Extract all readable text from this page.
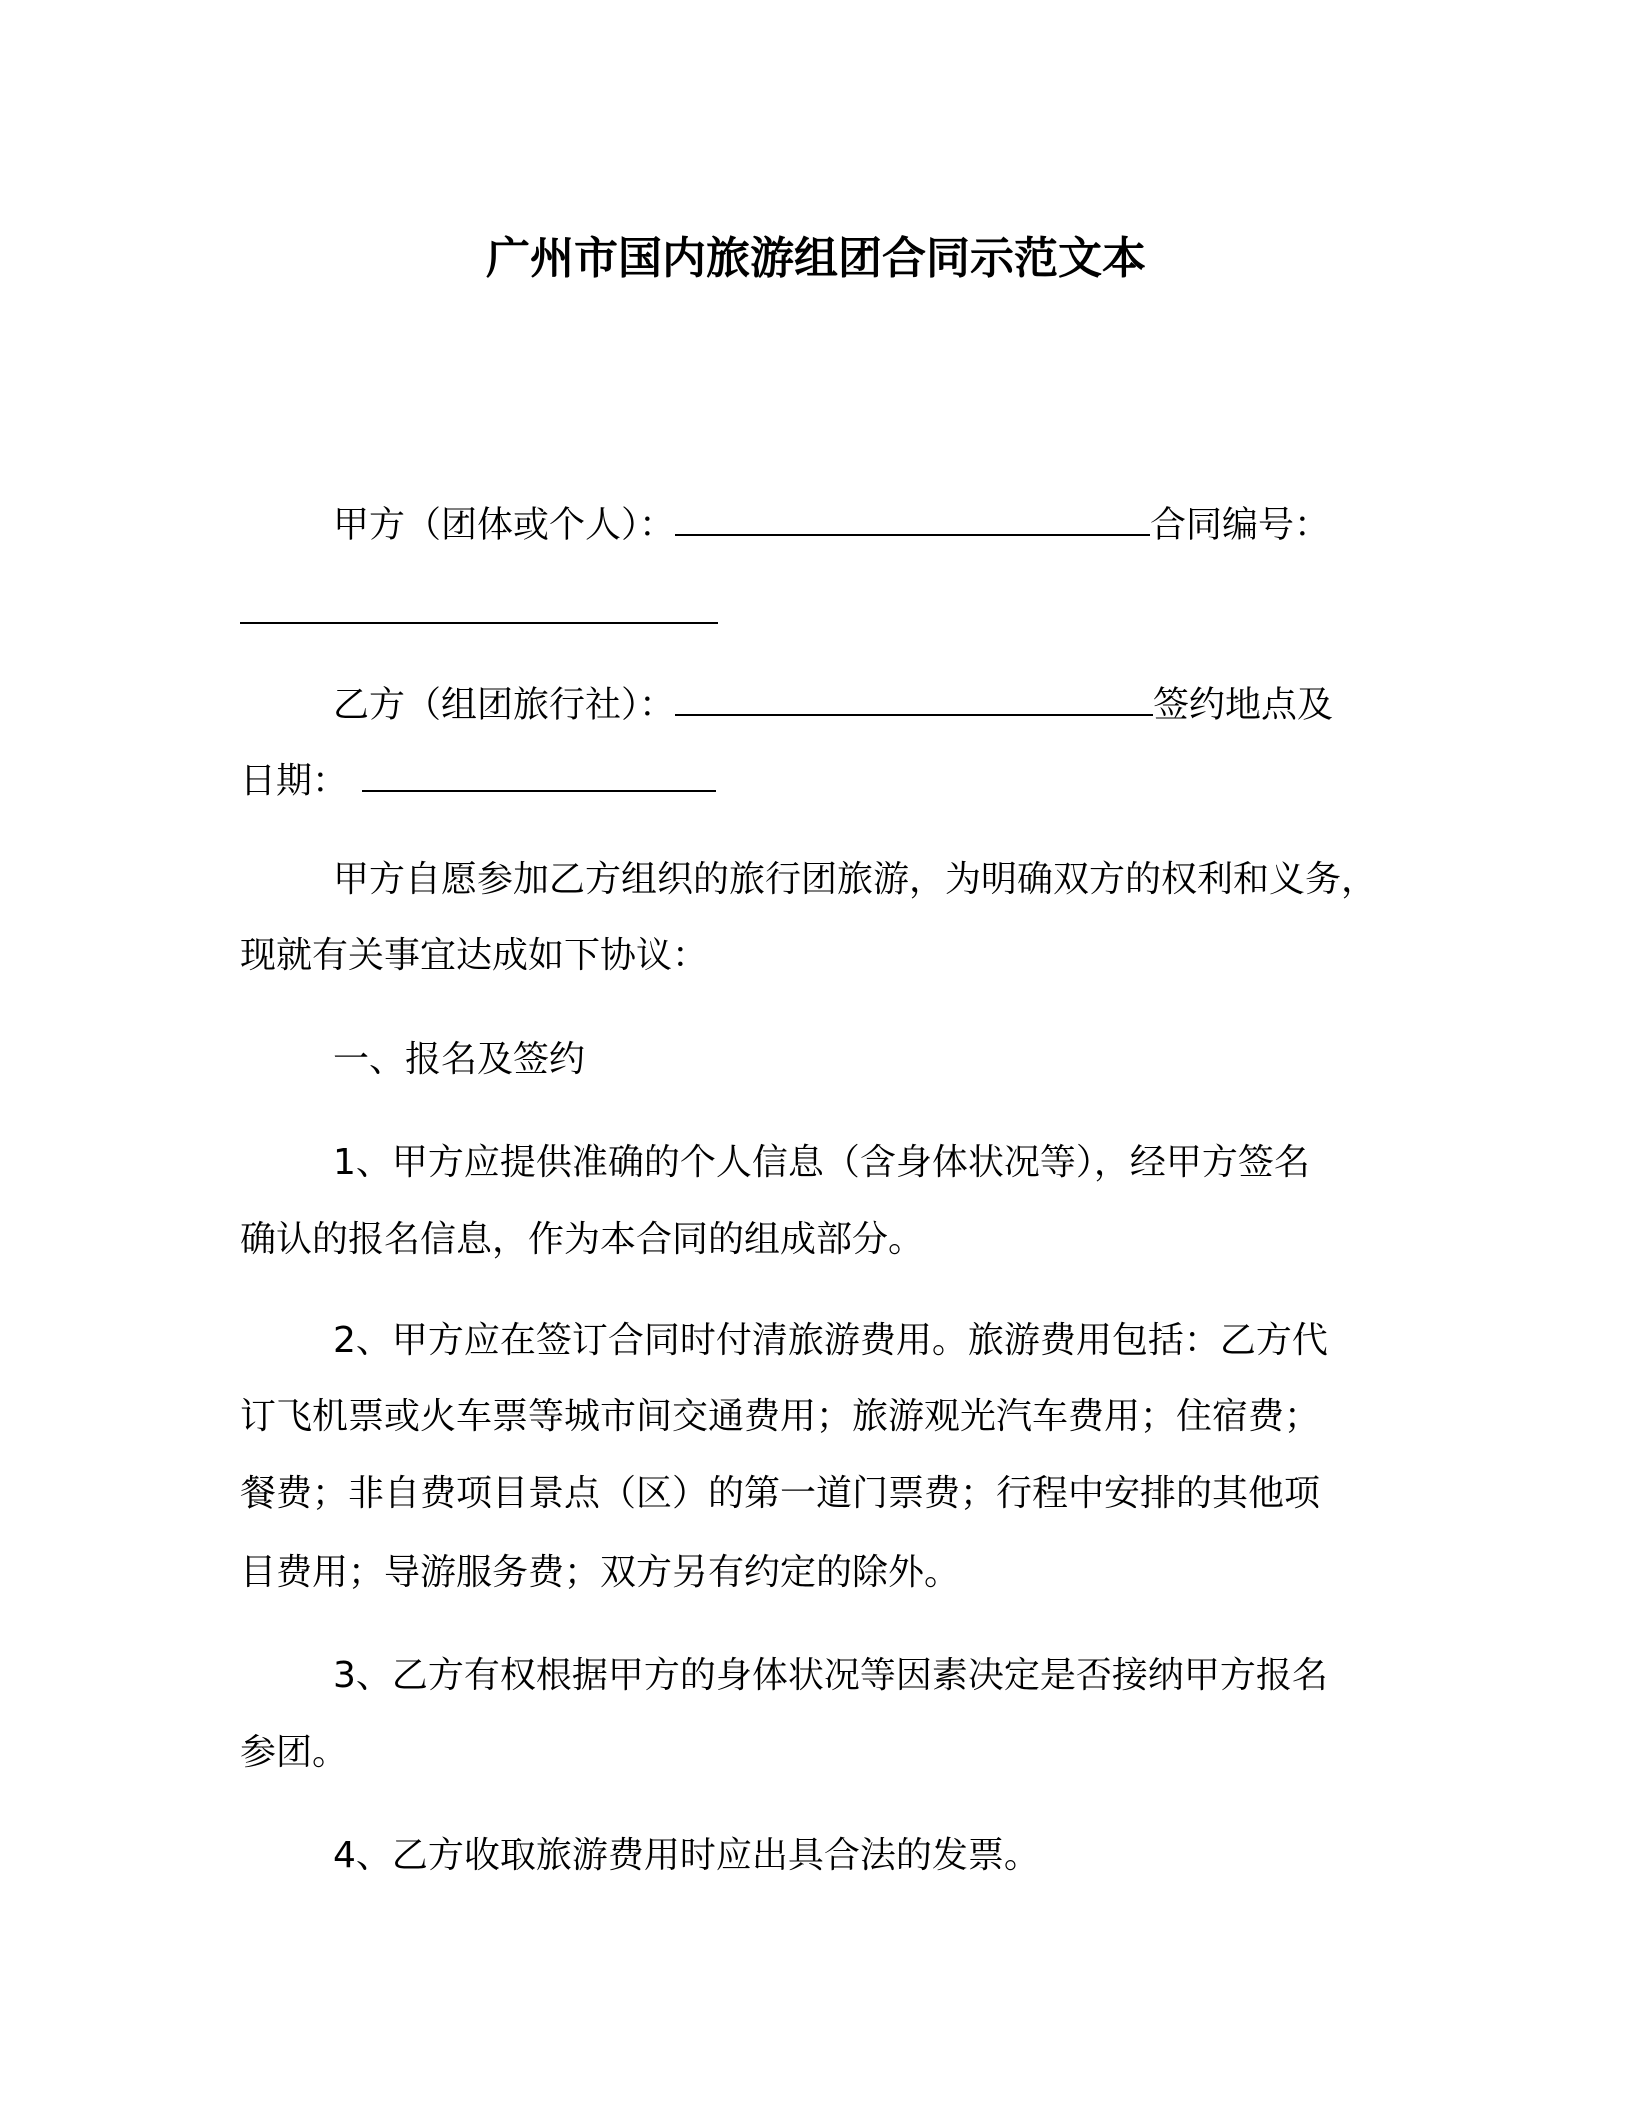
广州市国内旅游组团合同示范文本
甲方（团体或个人）：	合同编号：
乙方（组团旅行社）：	签约地点及
日期：
甲方自愿参加乙方组织的旅行团旅游，为明确双方的权利和义务，
现就有关事宜达成如下协议：
一、报名及签约
1、甲方应提供准确的个人信息（含身体状况等），经甲方签名
确认的报名信息，作为本合同的组成部分。
2、甲方应在签订合同时付清旅游费用。旅游费用包括：乙方代
订飞机票或火车票等城市间交通费用；旅游观光汽车费用；住宿费；
餐费；非自费项目景点（区）的第一道门票费；行程中安排的其他项
目费用；导游服务费；双方另有约定的除外。
3、乙方有权根据甲方的身体状况等因素决定是否接纳甲方报名
参团。
4、乙方收取旅游费用时应出具合法的发票。
